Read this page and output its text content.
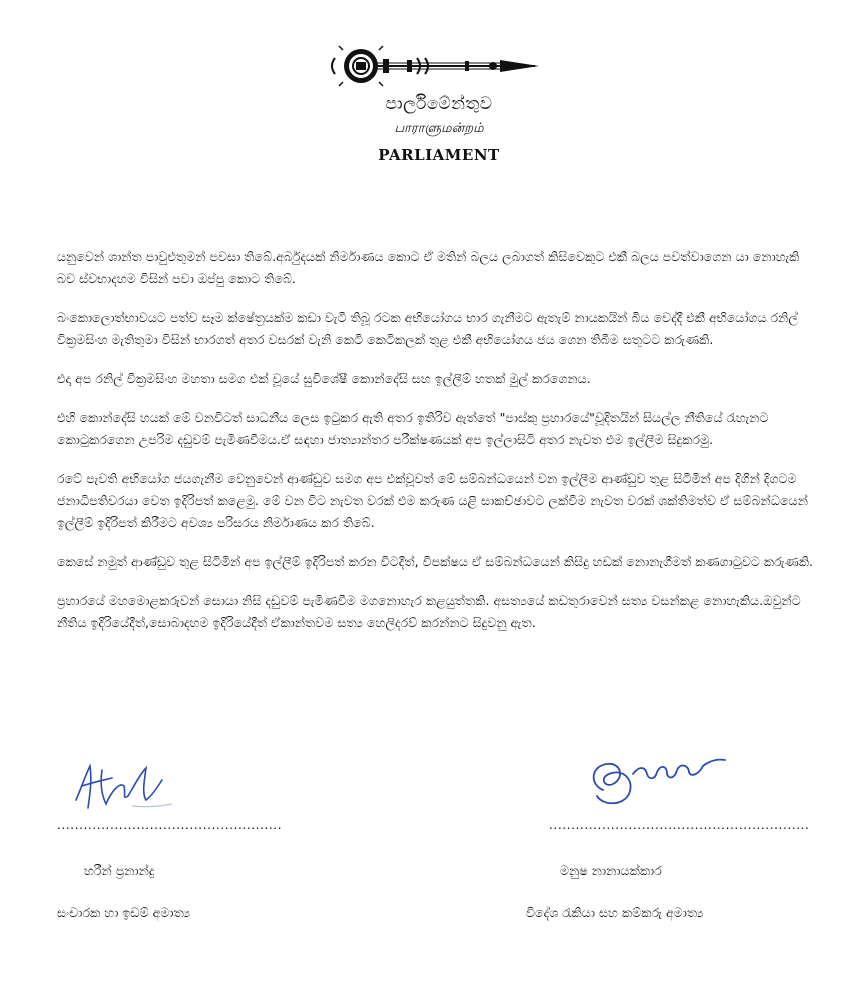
පාර්ලිමේන්තුව
பாராளுமன்றம்
PARLIAMENT

යනුවෙන් ශාන්ත පාවුළුතුමන් පවසා තිබේ.අර්බුදයක් නිර්මාණය කොට ඒ මතින් බලය ලබාගත් කිසිවෙකුට එකී බලය පවත්වාගෙන යා නොහැකි බව ස්වභාදහම විසින් පවා ඔප්පු කොට තිබේ.

බංකොලොත්භාවයට පත්ව සෑම ක්ෂේත්‍රයක්ම කඩා වැටී තිබූ රටක අභියෝගය භාර ගැනීමට ඇතැම් නායකයින් බිය වෙද්දී එකී අභියෝගය රනිල් වික්‍රමසිංහ මැතිතුමා විසින් භාරගත් අතර වසරක් වැනි කෙටි කෙටිකලක් තුළ එකී අභියෝගය ජය ගෙන තිබීම සතුටට කරුණකි.

එදා අප රනිල් වික්‍රමසිංහ මහතා සමග එක් වූයේ සුවිශේෂී කොන්දේසි සහ ඉල්ලීම් හතක් මුල් කරගෙනය.

එහි කොන්දේසි හයක් මේ වනවිටත් සාධනීය ලෙස ඉටුකර ඇති අතර ඉතිරිව ඇත්තේ "පාස්කු ප්‍රහාරයේ"වූදිතයින් සියල්ල නීතියේ රැහැනට කොටුකරගෙන උපරිම දඩුවම් පැමිණවීමය.ඒ සඳහා ජාත්‍යාන්තර පරීක්ෂණයක් අප ඉල්ලාසිටි අතර නැවත එම ඉල්ලීම සිදුකරමු.

රටේ පැවති අභියෝග ජයගැනීම වෙනුවෙන් ආණ්ඩුව සමග අප එක්වූවත් මේ සම්බන්ධයෙන් වන ඉල්ලීම ආණ්ඩුව තුළ සිටිමින් අප දිගින් දිගටම ජනාධිපතිවරයා වෙත ඉදිරිපත් කළෙමු. මේ වන විට නැවත වරක් එම කරුණ යළි සාකච්ඡාවට ලක්වීම නැවත වරක් ශක්තිමත්ව ඒ සම්බන්ධයෙන් ඉල්ලීම් ඉදිරිපත් කිරීමට අවශ්‍ය පරිසරය නිර්මාණය කර තිබේ.

කෙසේ නමුත් ආණ්ඩුව තුළ සිටිමින් අප ඉල්ලීම් ඉදිරිපත් කරන විටදීත්, විපක්ෂය ඒ සම්බන්ධයෙන් කිසිදු හඩක් නොනැගීමත් කණගාටුවට කරුණකි.

ප්‍රහාරයේ මහමොළකරුවන් සොයා නිසි දඩුවම් පැමිණවීම මගනොහැර කළයුත්තකි. අසත්‍යයේ කඩතුරාවෙන් සත්‍ය වසන්කළ නොහැකිය.ඔවුන්ට නීතිය ඉදිරියේදීත්,සොබාදහම ඉදිරියේදීත් ඒකාන්තවම සත්‍ය හෙලිදරව් කරන්නට සිදුවනු ඇත.

...................................................	...........................................................
හරීන් ප්‍රනාන්දු	මනුෂ නානායක්කාර
සංචාරක හා ඉඩම් අමාත්‍ය	විදේශ රැකියා සහ කම්කරු අමාත්‍ය
